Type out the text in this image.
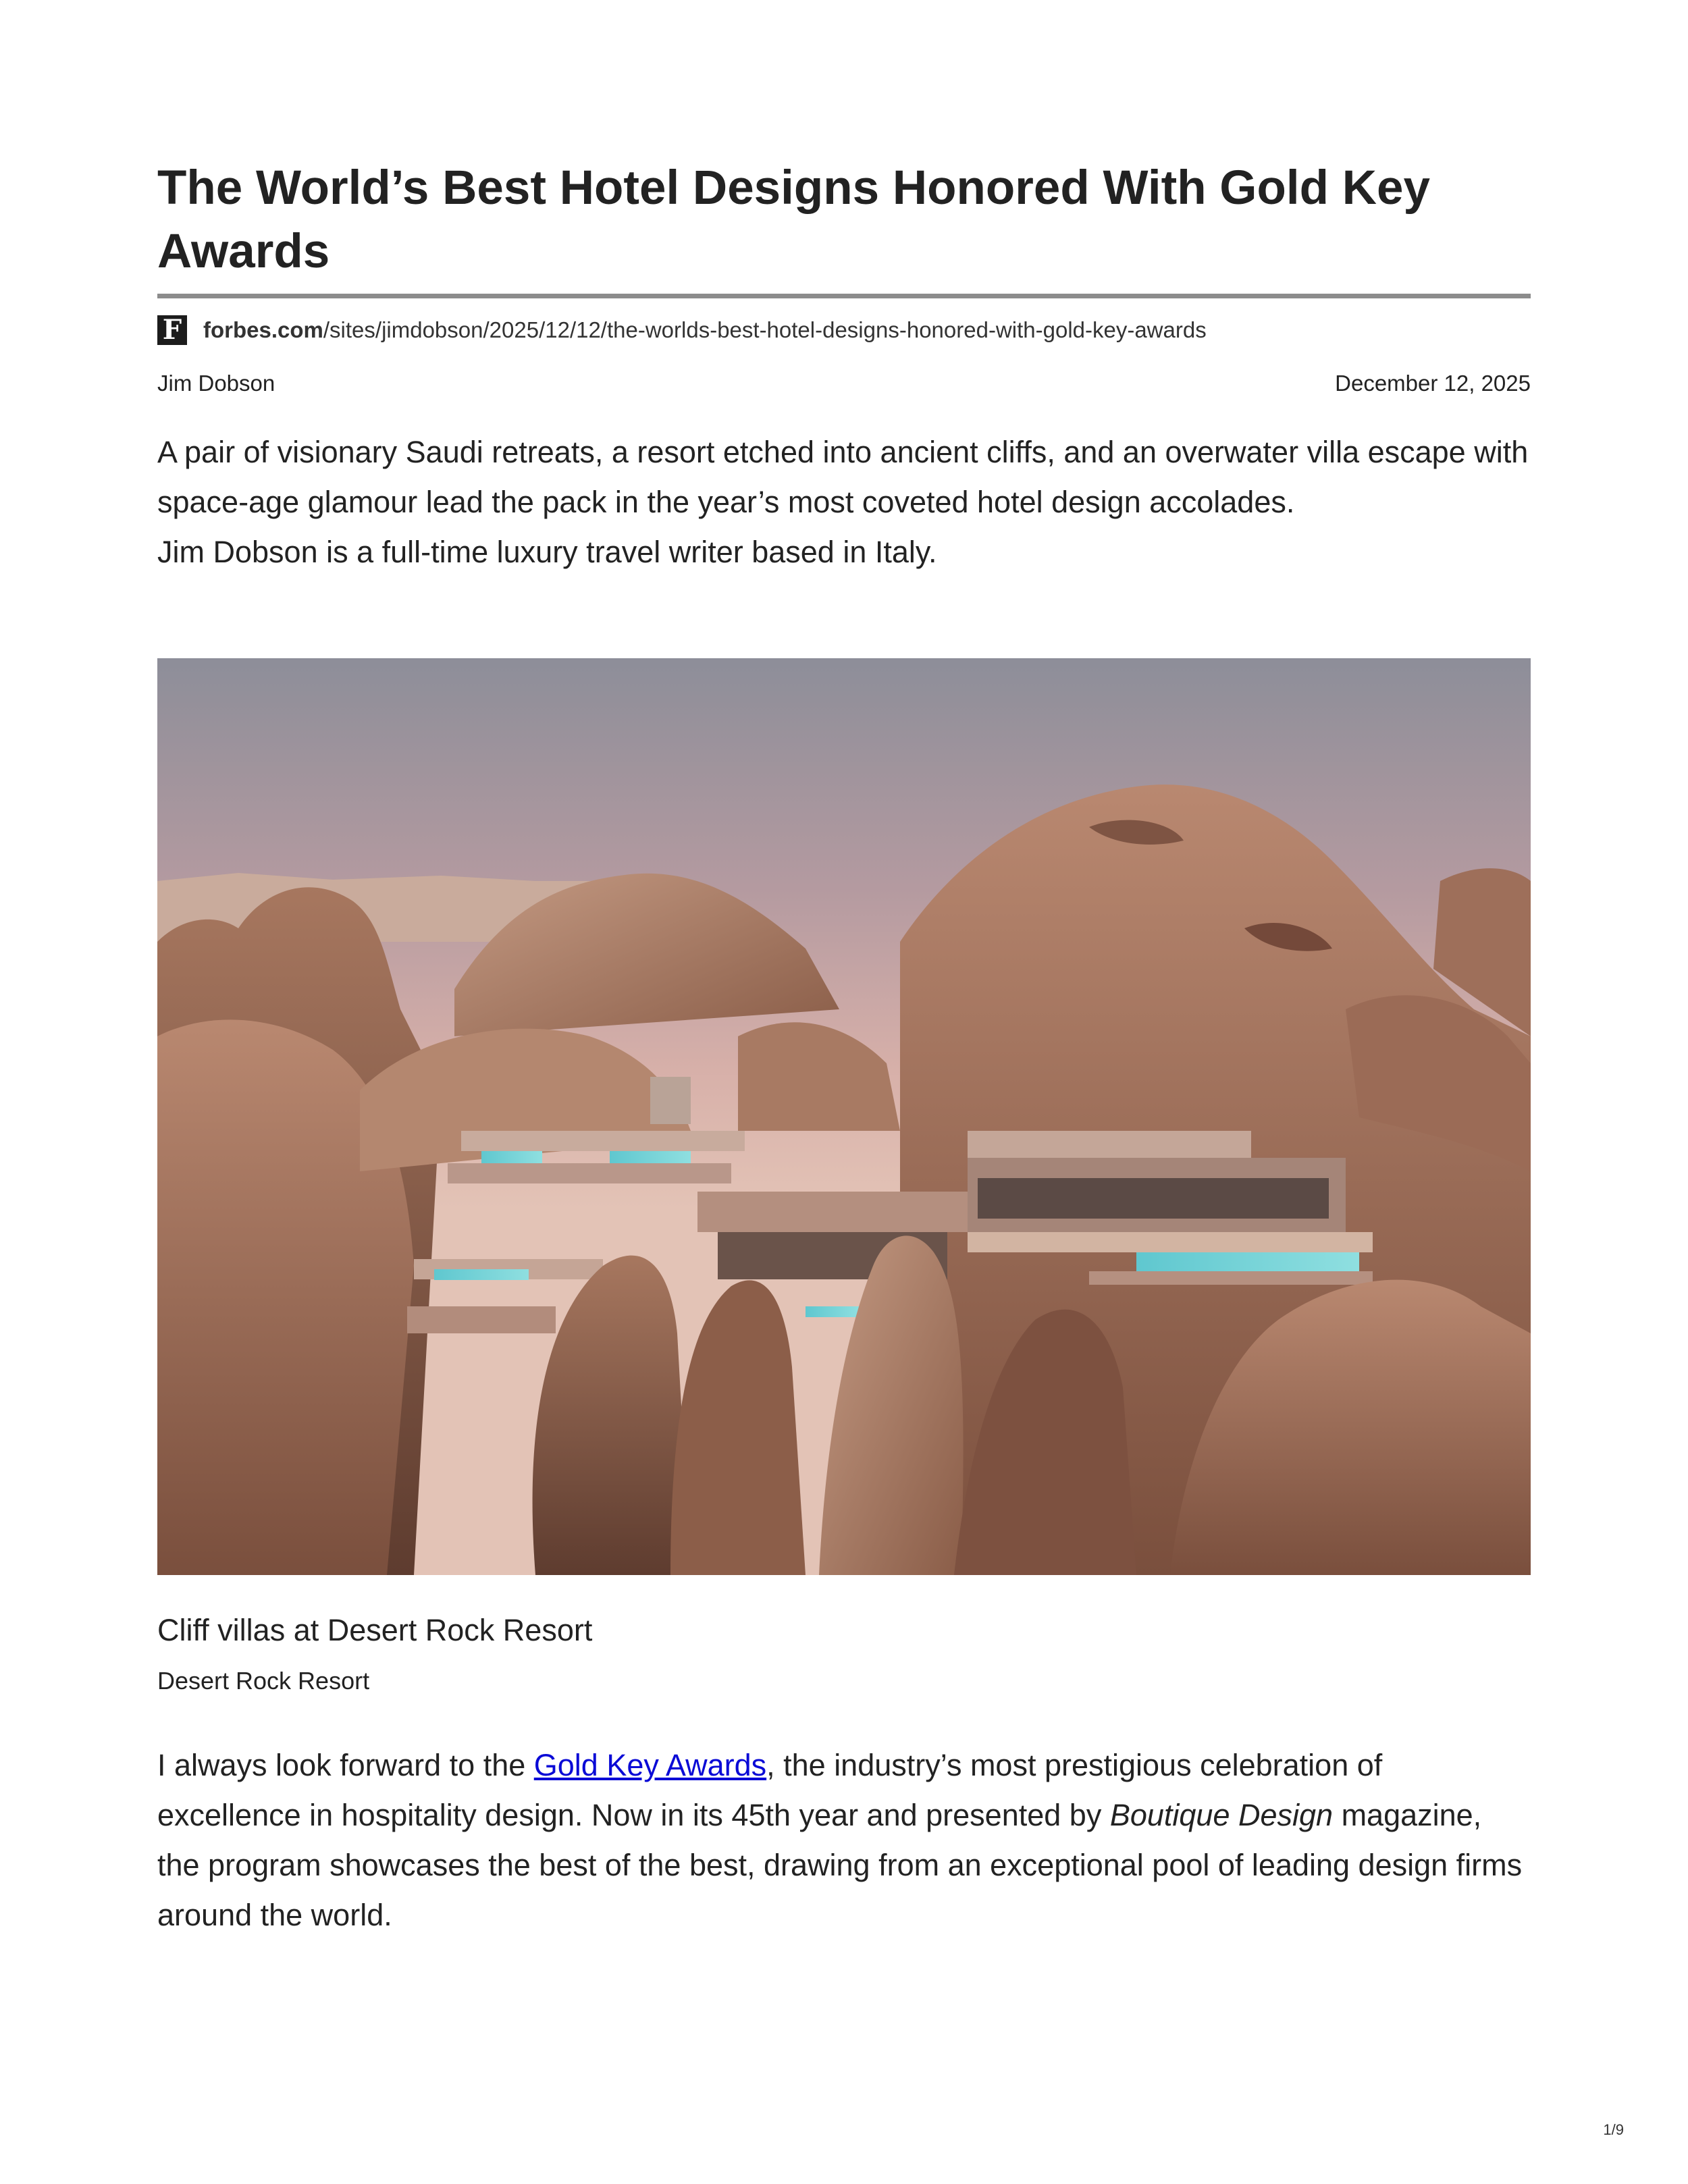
The World’s Best Hotel Designs Honored With Gold Key Awards
F forbes.com/sites/jimdobson/2025/12/12/the-worlds-best-hotel-designs-honored-with-gold-key-awards
Jim Dobson	December 12, 2025

A pair of visionary Saudi retreats, a resort etched into ancient cliffs, and an overwater villa escape with space-age glamour lead the pack in the year’s most coveted hotel design accolades.

Jim Dobson is a full-time luxury travel writer based in Italy.

Cliff villas at Desert Rock Resort
Desert Rock Resort

I always look forward to the Gold Key Awards, the industry’s most prestigious celebration of excellence in hospitality design. Now in its 45th year and presented by Boutique Design magazine, the program showcases the best of the best, drawing from an exceptional pool of leading design firms around the world.

1/9
